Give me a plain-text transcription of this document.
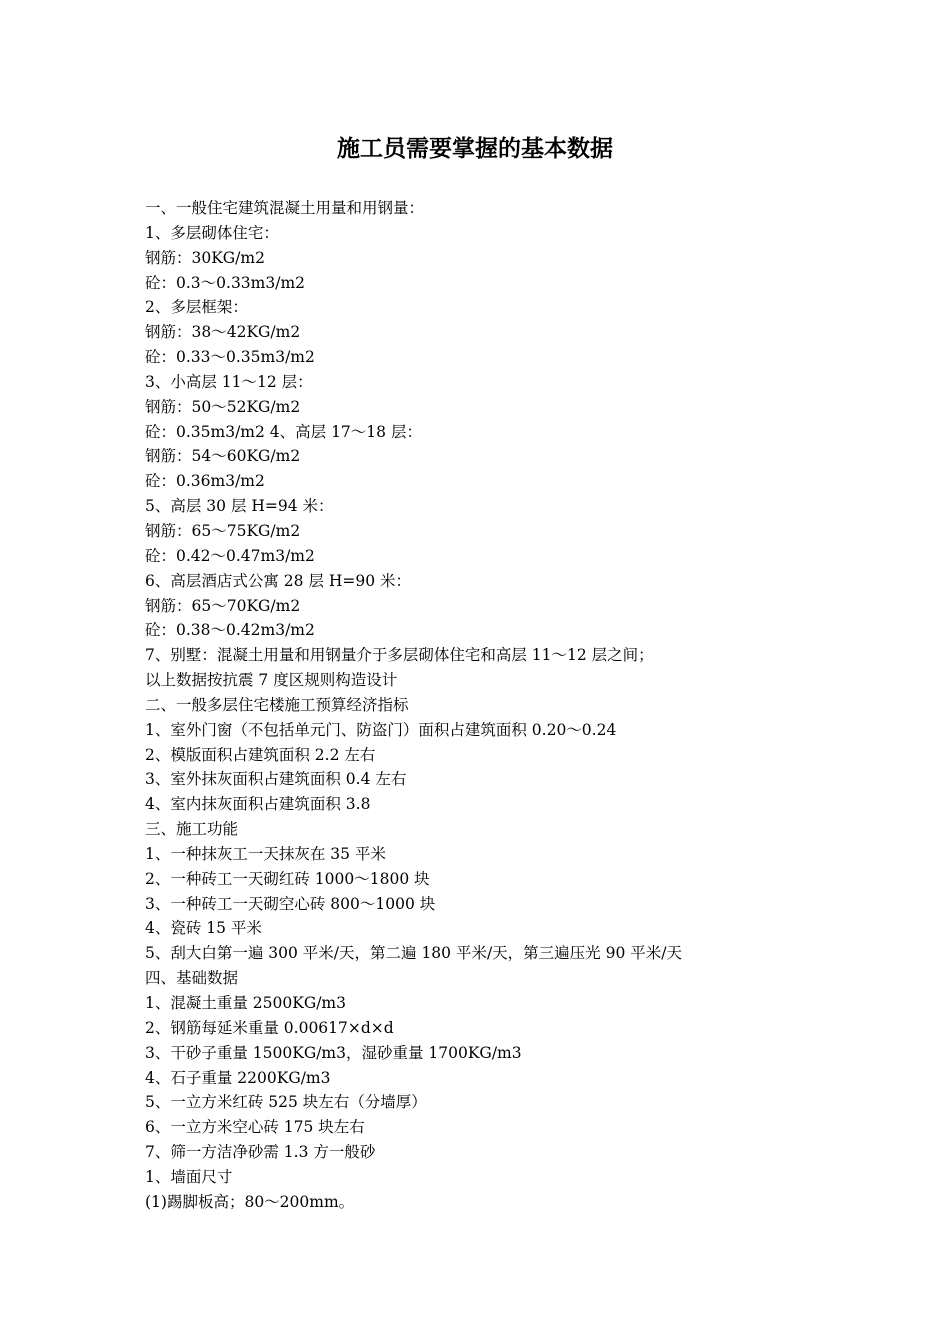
施工员需要掌握的基本数据
一、一般住宅建筑混凝土用量和用钢量：
1、多层砌体住宅：
钢筋：30KG/m2
砼：0.3～0.33m3/m2
2、多层框架：
钢筋：38～42KG/m2
砼：0.33～0.35m3/m2
3、小高层 11～12 层：
钢筋：50～52KG/m2
砼：0.35m3/m2 4、高层 17～18 层：
钢筋：54～60KG/m2
砼：0.36m3/m2
5、高层 30 层 H=94 米：
钢筋：65～75KG/m2
砼：0.42～0.47m3/m2
6、高层酒店式公寓 28 层 H=90 米：
钢筋：65～70KG/m2
砼：0.38～0.42m3/m2
7、别墅：混凝土用量和用钢量介于多层砌体住宅和高层 11～12 层之间；
以上数据按抗震 7 度区规则构造设计
二、一般多层住宅楼施工预算经济指标
1、室外门窗（不包括单元门、防盗门）面积占建筑面积 0.20～0.24
2、模版面积占建筑面积 2.2 左右
3、室外抹灰面积占建筑面积 0.4 左右
4、室内抹灰面积占建筑面积 3.8
三、施工功能
1、一种抹灰工一天抹灰在 35 平米
2、一种砖工一天砌红砖 1000～1800 块
3、一种砖工一天砌空心砖 800～1000 块
4、瓷砖 15 平米
5、刮大白第一遍 300 平米/天，第二遍 180 平米/天，第三遍压光 90 平米/天
四、基础数据
1、混凝土重量 2500KG/m3
2、钢筋每延米重量 0.00617×d×d
3、干砂子重量 1500KG/m3，湿砂重量 1700KG/m3
4、石子重量 2200KG/m3
5、一立方米红砖 525 块左右（分墙厚）
6、一立方米空心砖 175 块左右
7、筛一方洁净砂需 1.3 方一般砂
1、墙面尺寸
(1)踢脚板高；80～200mm。
